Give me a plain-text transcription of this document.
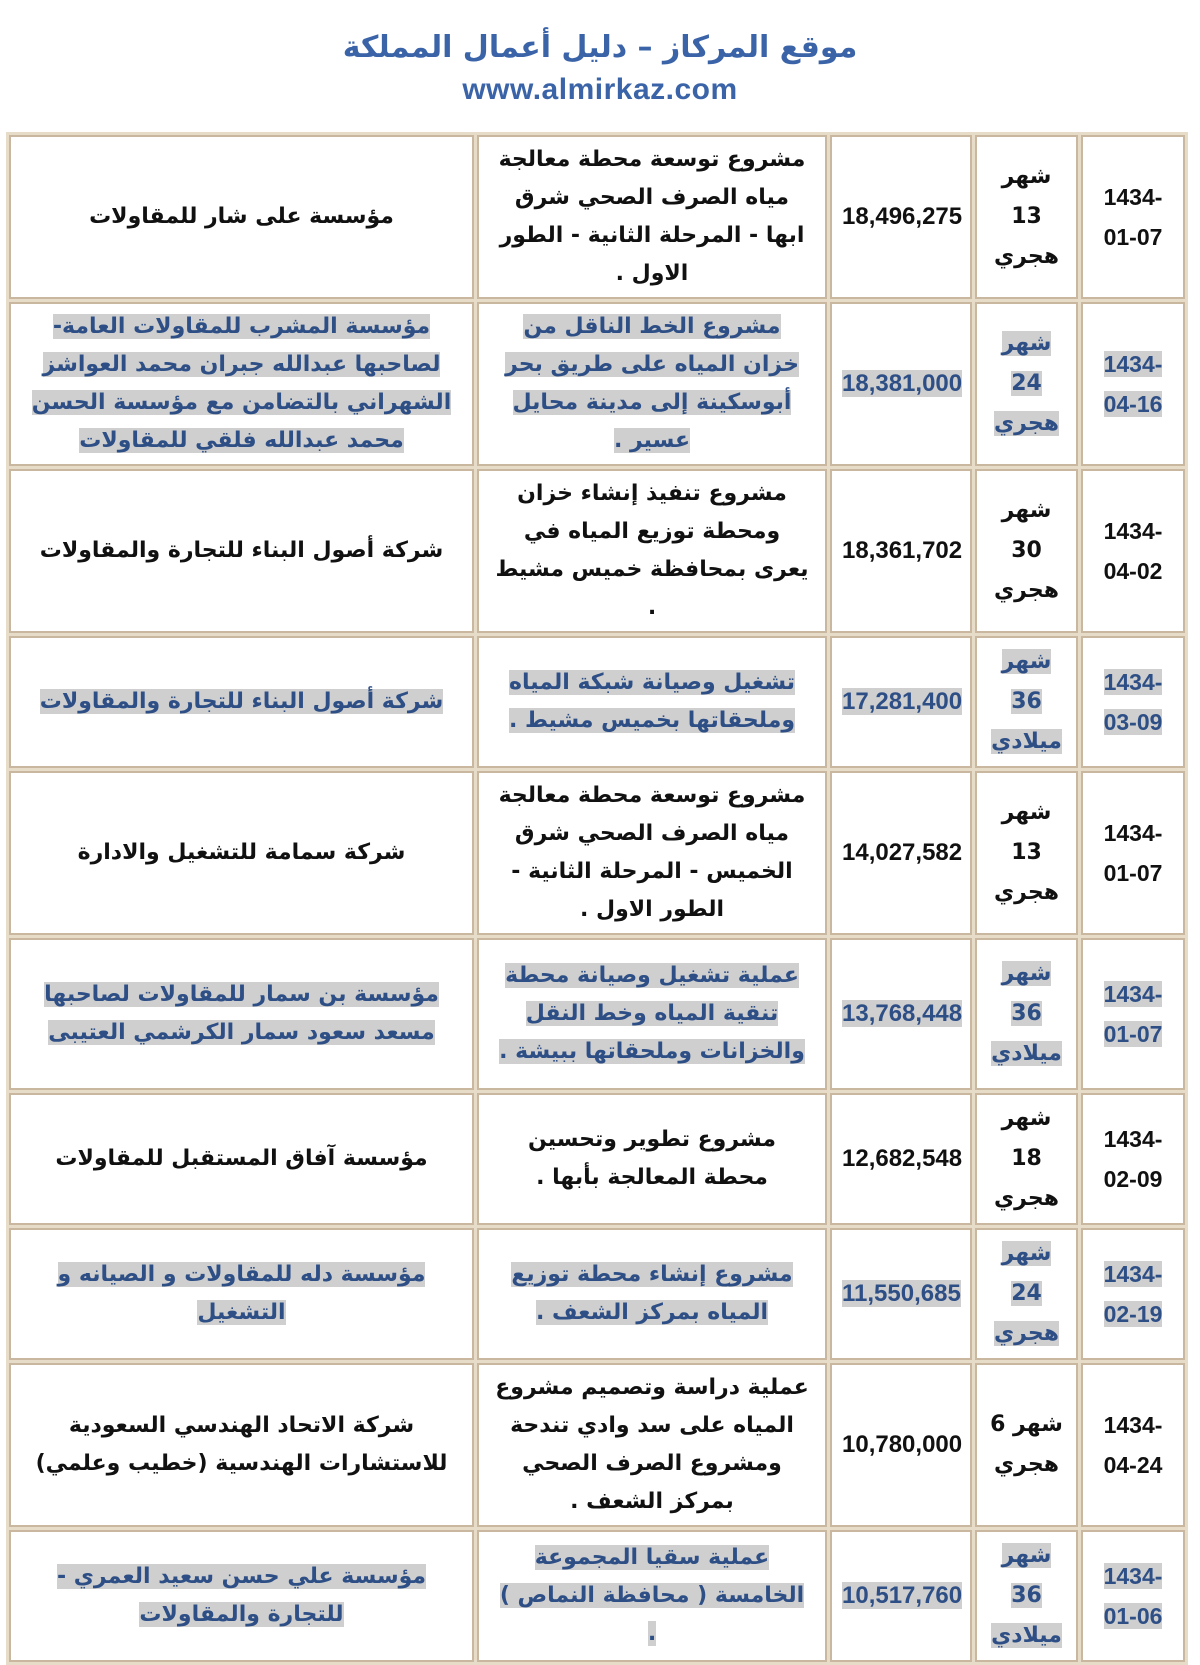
موقع المركاز – دليل أعمال المملكة
www.almirkaz.com
مؤسسة على شار للمقاولات	مشروع توسعة محطة معالجة مياه الصرف الصحي شرق ابها - المرحلة الثانية - الطور الاول .	18,496,275	شهر 13 هجري	1434-01-07
مؤسسة المشرب للمقاولات العامة- لصاحبها عبدالله جبران محمد العواشز الشهراني بالتضامن مع مؤسسة الحسن محمد عبدالله فلقي للمقاولات	مشروع الخط الناقل من خزان المياه على طريق بحر أبوسكينة إلى مدينة محايل عسير .	18,381,000	شهر 24 هجري	1434-04-16
شركة أصول البناء للتجارة والمقاولات	مشروع تنفيذ إنشاء خزان ومحطة توزيع المياه في يعرى بمحافظة خميس مشيط .	18,361,702	شهر 30 هجري	1434-04-02
شركة أصول البناء للتجارة والمقاولات	تشغيل وصيانة شبكة المياه وملحقاتها بخميس مشيط .	17,281,400	شهر 36 ميلادي	1434-03-09
شركة سمامة للتشغيل والادارة	مشروع توسعة محطة معالجة مياه الصرف الصحي شرق الخميس - المرحلة الثانية - الطور الاول .	14,027,582	شهر 13 هجري	1434-01-07
مؤسسة بن سمار للمقاولات لصاحبها مسعد سعود سمار الكرشمي العتيبى	عملية تشغيل وصيانة محطة تنقية المياه وخط النقل والخزانات وملحقاتها ببيشة .	13,768,448	شهر 36 ميلادي	1434-01-07
مؤسسة آفاق المستقبل للمقاولات	مشروع تطوير وتحسين محطة المعالجة بأبها .	12,682,548	شهر 18 هجري	1434-02-09
مؤسسة دله للمقاولات و الصيانه و التشغيل	مشروع إنشاء محطة توزيع المياه بمركز الشعف .	11,550,685	شهر 24 هجري	1434-02-19
شركة الاتحاد الهندسي السعودية للاستشارات الهندسية (خطيب وعلمي)	عملية دراسة وتصميم مشروع المياه على سد وادي تندحة ومشروع الصرف الصحي بمركز الشعف .	10,780,000	شهر 6 هجري	1434-04-24
مؤسسة علي حسن سعيد العمري - للتجارة والمقاولات	عملية سقيا المجموعة الخامسة ( محافظة النماص ) .	10,517,760	شهر 36 ميلادي	1434-01-06
